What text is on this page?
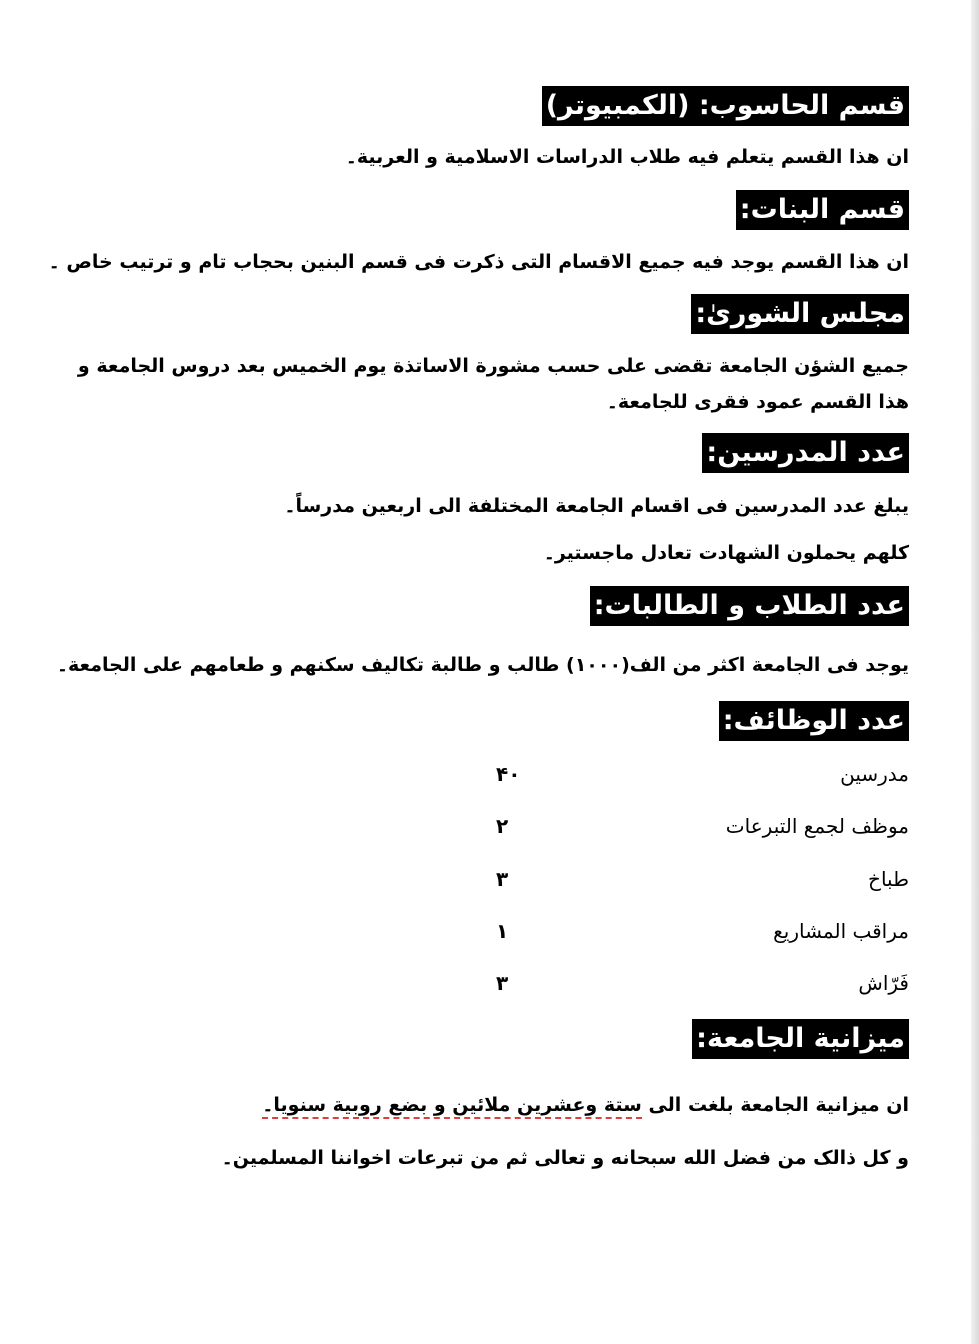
قسم الحاسوب: (الكمبيوتر)
ان هذا القسم يتعلم فيه طلاب الدراسات الاسلامية و العربية۔
قسم البنات:
ان هذا القسم يوجد فيه جميع الاقسام التی ذكرت فی قسم البنين بحجاب تام و ترتيب خاص ۔
مجلس الشوریٰ:
جميع الشؤن الجامعة تقضی علی حسب مشورة الاساتذة يوم الخميس بعد دروس الجامعة و هذا القسم عمود فقری للجامعة۔
عدد المدرسين:
يبلغ عدد المدرسين فی اقسام الجامعة المختلفة الی اربعين مدرساً۔
كلهم يحملون الشهادت تعادل ماجستير۔
عدد الطلاب و الطالبات:
يوجد فی الجامعة اكثر من الف(۱۰۰۰) طالب و طالبة تكاليف سكنهم و طعامهم علی الجامعة۔
عدد الوظائف:
مدرسين
۴۰
موظف لجمع التبرعات
۲
طباخ
۳
مراقب المشاريع
۱
فَرّاش
۳
ميزانية الجامعة:
ان ميزانية الجامعة بلغت الی ستة وعشرين ملائين و بضع روبية سنويا۔
و كل ذالک من فضل الله سبحانه و تعالی ثم من تبرعات اخواننا المسلمين۔
